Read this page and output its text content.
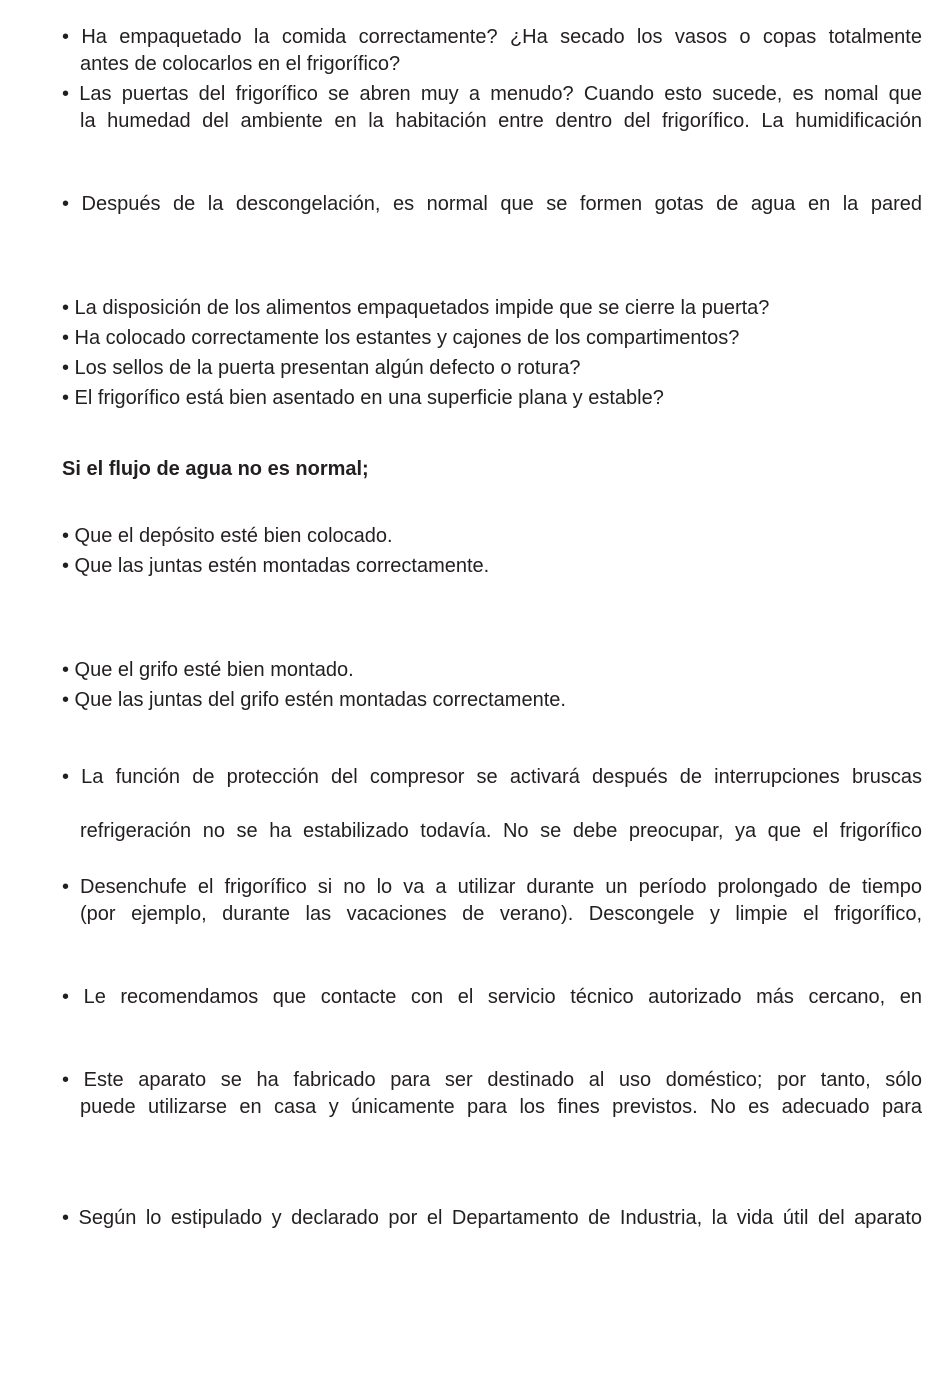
• Ha empaquetado la comida correctamente? ¿Ha secado los vasos o copas totalmente
antes de colocarlos en el frigorífico?
• Las puertas del frigorífico se abren muy a menudo? Cuando esto sucede, es nomal que
la humedad del ambiente en la habitación entre dentro del frigorífico. La humidificación
• Después de la descongelación, es normal que se formen gotas de agua en la pared
• La disposición de los alimentos empaquetados impide que se cierre la puerta?
• Ha colocado correctamente los estantes y cajones de los compartimentos?
• Los sellos de la puerta presentan algún defecto o rotura?
• El frigorífico está bien asentado en una superficie plana y estable?
Si el flujo de agua no es normal;
• Que el depósito esté bien colocado.
• Que las juntas estén montadas correctamente.
• Que el grifo esté bien montado.
• Que las juntas del grifo estén montadas correctamente.
• La función de protección del compresor se activará después de interrupciones bruscas
refrigeración no se ha estabilizado todavía. No se debe preocupar, ya que el frigorífico
• Desenchufe el frigorífico si no lo va a utilizar durante un período prolongado de tiempo
(por ejemplo, durante las vacaciones de verano). Descongele y limpie el frigorífico,
• Le recomendamos que contacte con el servicio técnico autorizado más cercano, en
• Este aparato se ha fabricado para ser destinado al uso doméstico; por tanto, sólo
puede utilizarse en casa y únicamente para los fines previstos. No es adecuado para
• Según lo estipulado y declarado por el Departamento de Industria, la vida útil del aparato
